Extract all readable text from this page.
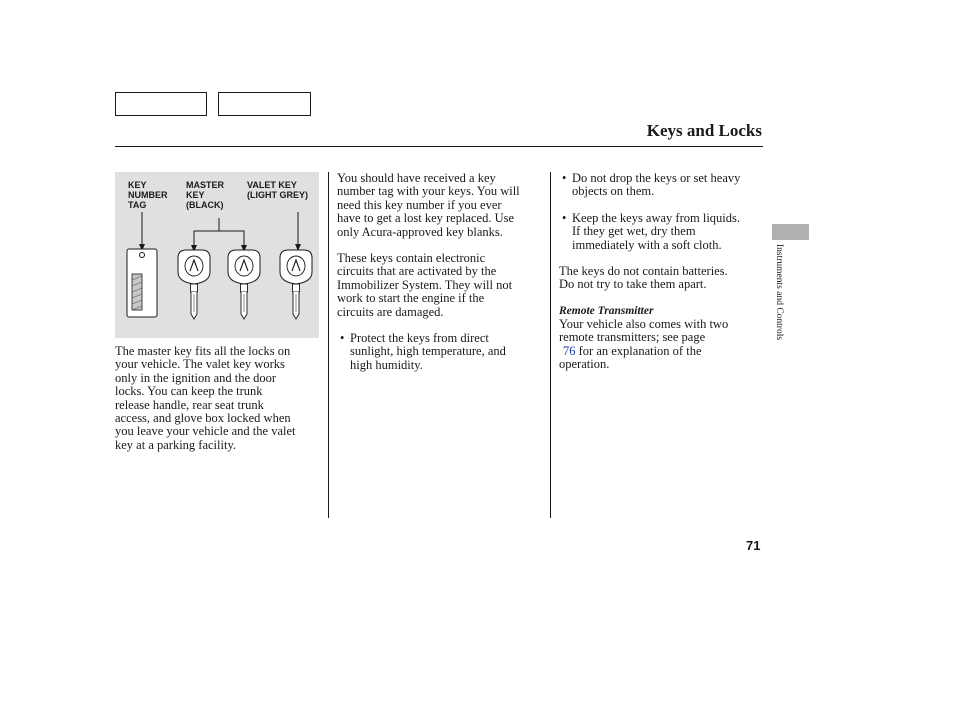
Keys and Locks
Instruments and Controls
KEY
NUMBER
TAG
MASTER
KEY
(BLACK)
VALET KEY
(LIGHT GREY)
The master key fits all the locks on
your vehicle. The valet key works
only in the ignition and the door
locks. You can keep the trunk
release handle, rear seat trunk
access, and glove box locked when
you leave your vehicle and the valet
key at a parking facility.
You should have received a key
number tag with your keys. You will
need this key number if you ever
have to get a lost key replaced. Use
only Acura-approved key blanks.
These keys contain electronic
circuits that are activated by the
Immobilizer System. They will not
work to start the engine if the
circuits are damaged.
• Protect the keys from direct
sunlight, high temperature, and
high humidity.
• Do not drop the keys or set heavy
objects on them.
• Keep the keys away from liquids.
If they get wet, dry them
immediately with a soft cloth.
The keys do not contain batteries.
Do not try to take them apart.
Remote Transmitter
Your vehicle also comes with two
remote transmitters; see page
76 for an explanation of the
operation.
71
